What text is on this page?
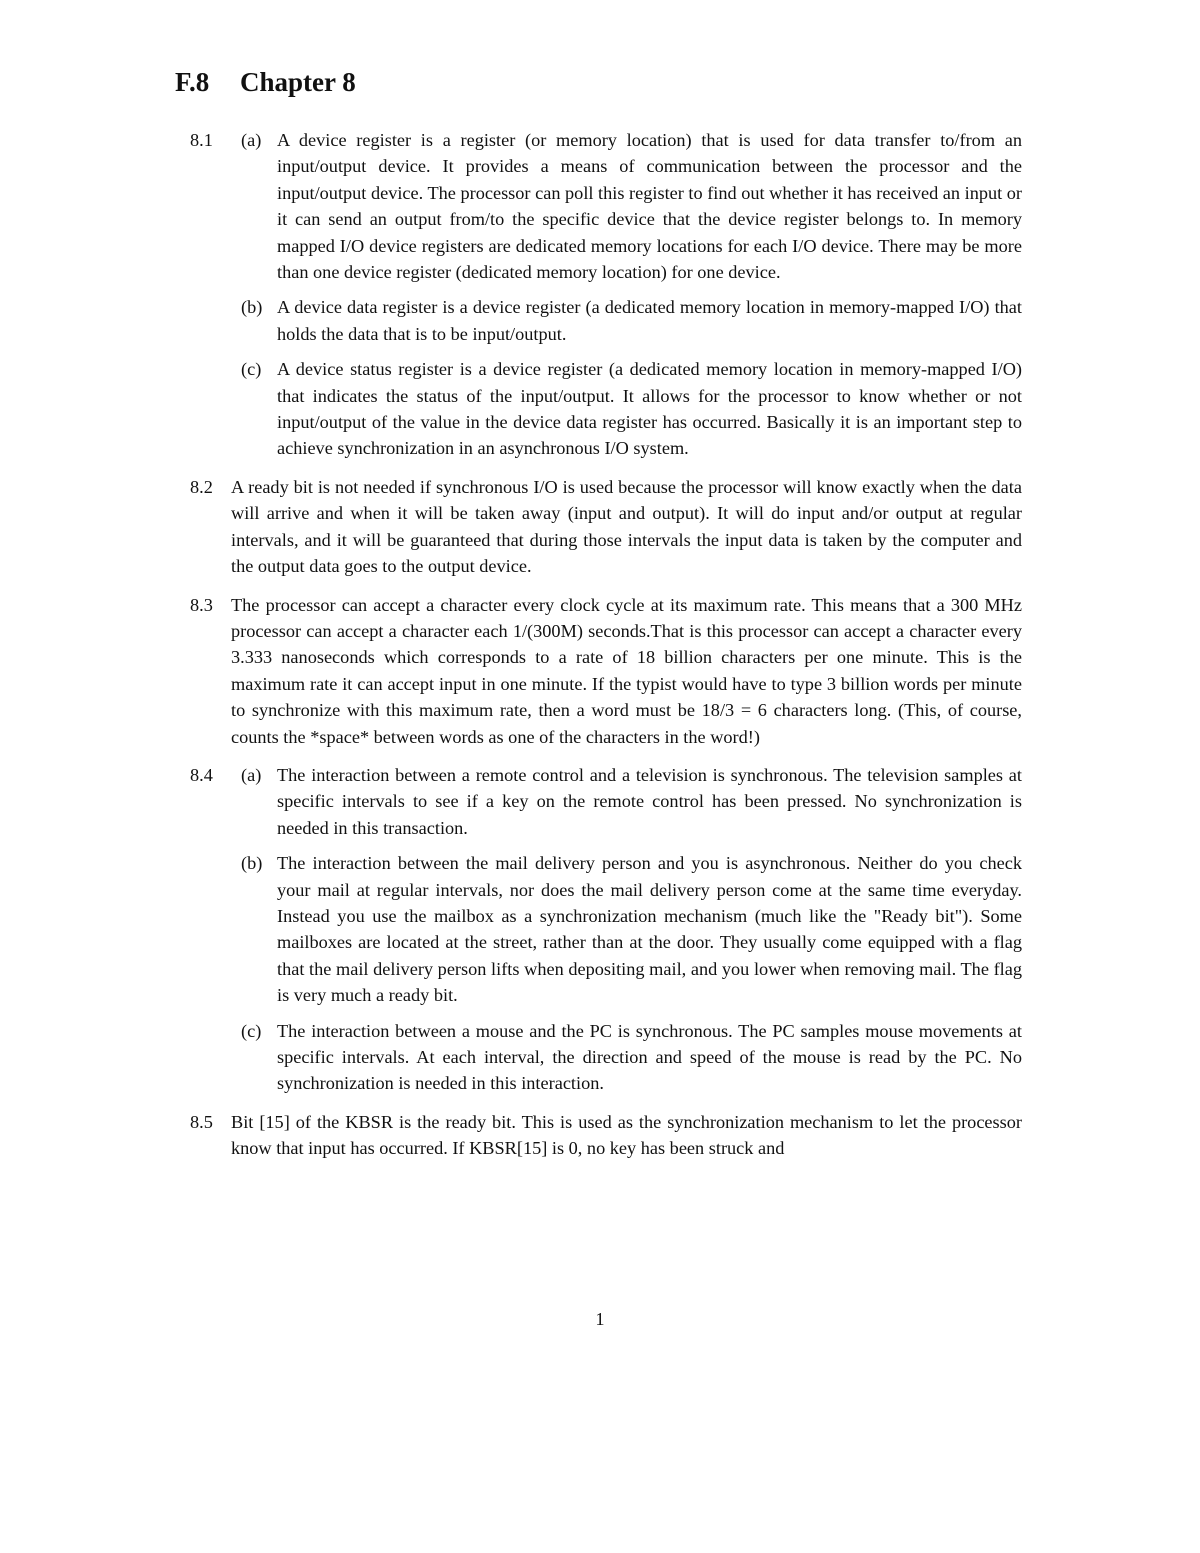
F.8 Chapter 8
8.1 (a) A device register is a register (or memory location) that is used for data transfer to/from an input/output device. It provides a means of communication between the processor and the input/output device. The processor can poll this register to find out whether it has received an input or it can send an output from/to the specific device that the device register belongs to. In memory mapped I/O device registers are dedicated memory locations for each I/O device. There may be more than one device register (dedicated memory location) for one device.
(b) A device data register is a device register (a dedicated memory location in memory-mapped I/O) that holds the data that is to be input/output.
(c) A device status register is a device register (a dedicated memory location in memory-mapped I/O) that indicates the status of the input/output. It allows for the processor to know whether or not input/output of the value in the device data register has occurred. Basically it is an important step to achieve synchronization in an asynchronous I/O system.
8.2 A ready bit is not needed if synchronous I/O is used because the processor will know exactly when the data will arrive and when it will be taken away (input and output). It will do input and/or output at regular intervals, and it will be guaranteed that during those intervals the input data is taken by the computer and the output data goes to the output device.
8.3 The processor can accept a character every clock cycle at its maximum rate. This means that a 300 MHz processor can accept a character each 1/(300M) seconds.That is this processor can accept a character every 3.333 nanoseconds which corresponds to a rate of 18 billion characters per one minute. This is the maximum rate it can accept input in one minute. If the typist would have to type 3 billion words per minute to synchronize with this maximum rate, then a word must be 18/3 = 6 characters long. (This, of course, counts the *space* between words as one of the characters in the word!)
8.4 (a) The interaction between a remote control and a television is synchronous. The television samples at specific intervals to see if a key on the remote control has been pressed. No synchronization is needed in this transaction.
(b) The interaction between the mail delivery person and you is asynchronous. Neither do you check your mail at regular intervals, nor does the mail delivery person come at the same time everyday. Instead you use the mailbox as a synchronization mechanism (much like the "Ready bit"). Some mailboxes are located at the street, rather than at the door. They usually come equipped with a flag that the mail delivery person lifts when depositing mail, and you lower when removing mail. The flag is very much a ready bit.
(c) The interaction between a mouse and the PC is synchronous. The PC samples mouse movements at specific intervals. At each interval, the direction and speed of the mouse is read by the PC. No synchronization is needed in this interaction.
8.5 Bit [15] of the KBSR is the ready bit. This is used as the synchronization mechanism to let the processor know that input has occurred. If KBSR[15] is 0, no key has been struck and
1
